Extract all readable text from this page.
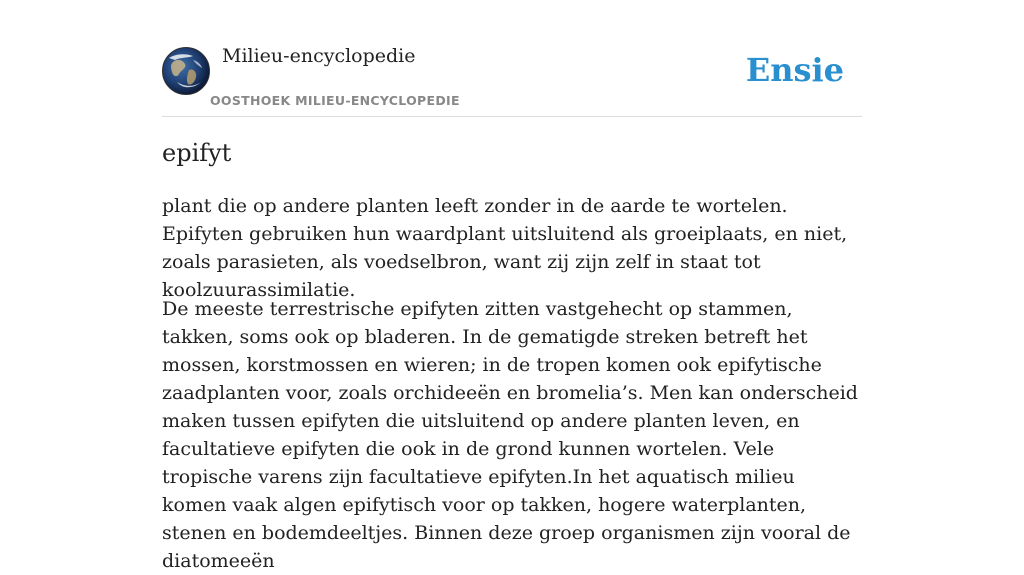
Milieu-encyclopedie
OOSTHOEK MILIEU-ENCYCLOPEDIE
Ensie
epifyt

plant die op andere planten leeft zonder in de aarde te wortelen. Epifyten gebruiken hun waardplant uitsluitend als groeiplaats, en niet, zoals parasieten, als voedselbron, want zij zijn zelf in staat tot koolzuurassimilatie.

De meeste terrestrische epifyten zitten vastgehecht op stammen, takken, soms ook op bladeren. In de gematigde streken betreft het mossen, korstmossen en wieren; in de tropen komen ook epifytische zaadplanten voor, zoals orchideeën en bromelia’s. Men kan onderscheid maken tussen epifyten die uitsluitend op andere planten leven, en facultatieve epifyten die ook in de grond kunnen wortelen. Vele tropische varens zijn facultatieve epifyten.In het aquatisch milieu komen vaak algen epifytisch voor op takken, hogere waterplanten, stenen en bodemdeeltjes. Binnen deze groep organismen zijn vooral de diatomeeën
